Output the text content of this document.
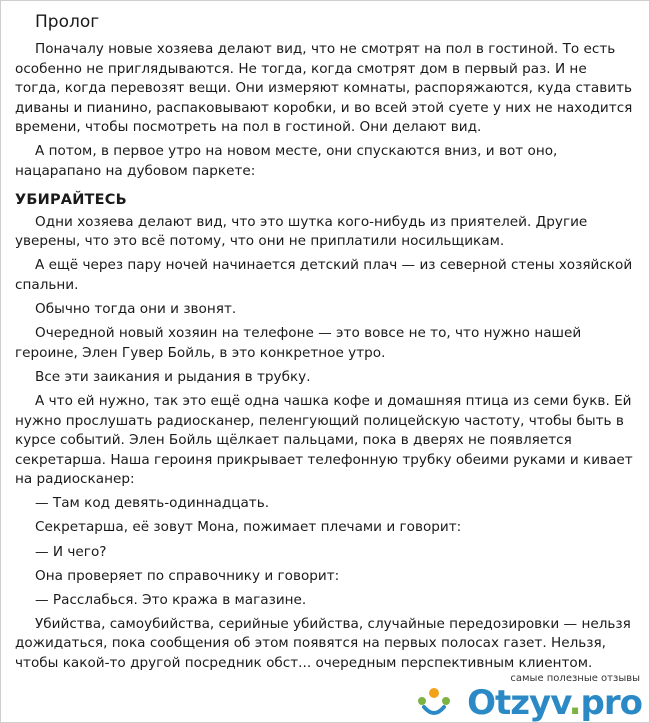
Пролог
Поначалу новые хозяева делают вид, что не смотрят на пол в гостиной. То есть особенно не приглядываются. Не тогда, когда смотрят дом в первый раз. И не тогда, когда перевозят вещи. Они измеряют комнаты, распоряжаются, куда ставить диваны и пианино, распаковывают коробки, и во всей этой суете у них не находится времени, чтобы посмотреть на пол в гостиной. Они делают вид.
А потом, в первое утро на новом месте, они спускаются вниз, и вот оно, нацарапано на дубовом паркете:
УБИРАЙТЕСЬ
Одни хозяева делают вид, что это шутка кого-нибудь из приятелей. Другие уверены, что это всё потому, что они не приплатили носильщикам.
А ещё через пару ночей начинается детский плач — из северной стены хозяйской спальни.
Обычно тогда они и звонят.
Очередной новый хозяин на телефоне — это вовсе не то, что нужно нашей героине, Элен Гувер Бойль, в это конкретное утро.
Все эти заикания и рыдания в трубку.
А что ей нужно, так это ещё одна чашка кофе и домашняя птица из семи букв. Ей нужно прослушать радиосканер, пеленгующий полицейскую частоту, чтобы быть в курсе событий. Элен Бойль щёлкает пальцами, пока в дверях не появляется секретарша. Наша героиня прикрывает телефонную трубку обеими руками и кивает на радиосканер:
— Там код девять-одиннадцать.
Секретарша, её зовут Мона, пожимает плечами и говорит:
— И чего?
Она проверяет по справочнику и говорит:
— Расслабься. Это кража в магазине.
Убийства, самоубийства, серийные убийства, случайные передозировки — нельзя дожидаться, пока сообщения об этом появятся на первых полосах газет. Нельзя, чтобы какой-то другой посредник обст... очередным перспективным клиентом.
самые полезные отзывы
Otzyv.pro
